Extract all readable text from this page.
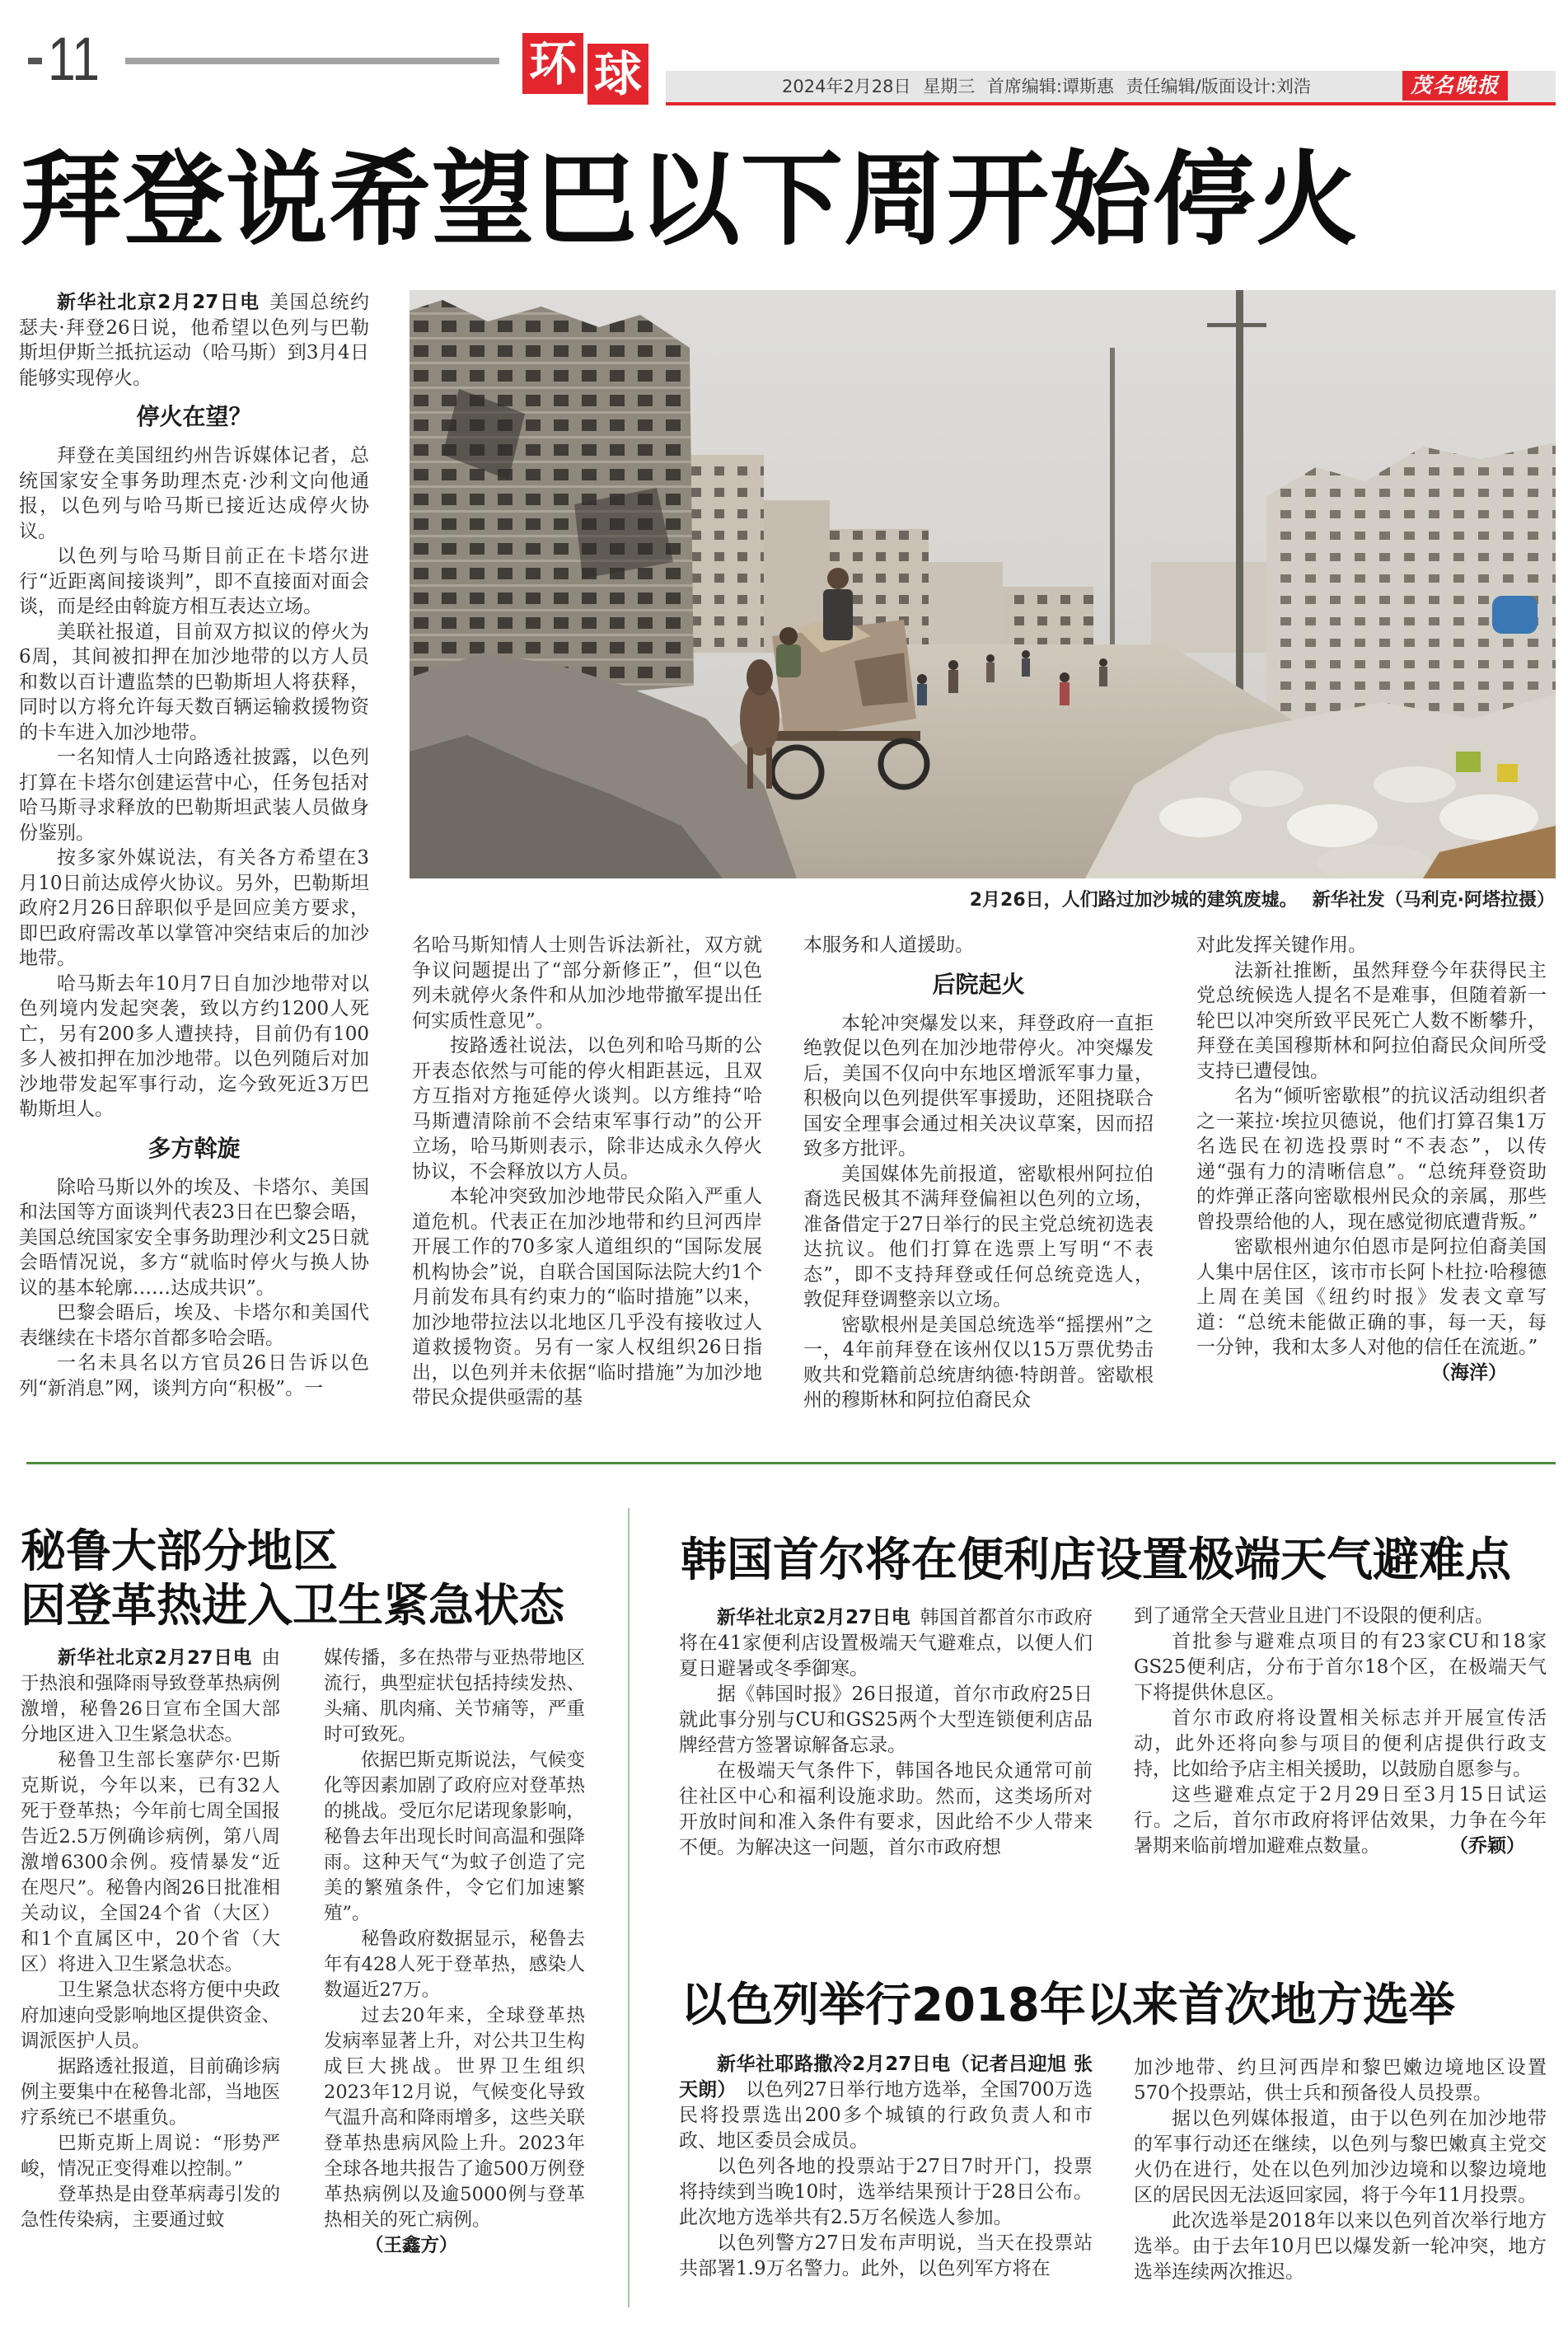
11	环 球	2024年2月28日 星期三 首席编辑:谭斯惠 责任编辑/版面设计:刘浩	茂名晚报
拜登说希望巴以下周开始停火

新华社北京2月27日电 美国总统约瑟夫·拜登26日说，他希望以色列与巴勒斯坦伊斯兰抵抗运动（哈马斯）到3月4日能够实现停火。

停火在望？

拜登在美国纽约州告诉媒体记者，总统国家安全事务助理杰克·沙利文向他通报，以色列与哈马斯已接近达成停火协议。

以色列与哈马斯目前正在卡塔尔进行“近距离间接谈判”，即不直接面对面会谈，而是经由斡旋方相互表达立场。

美联社报道，目前双方拟议的停火为6周，其间被扣押在加沙地带的以方人员和数以百计遭监禁的巴勒斯坦人将获释，同时以方将允许每天数百辆运输救援物资的卡车进入加沙地带。

一名知情人士向路透社披露，以色列打算在卡塔尔创建运营中心，任务包括对哈马斯寻求释放的巴勒斯坦武装人员做身份鉴别。

按多家外媒说法，有关各方希望在3月10日前达成停火协议。另外，巴勒斯坦政府2月26日辞职似乎是回应美方要求，即巴政府需改革以掌管冲突结束后的加沙地带。

哈马斯去年10月7日自加沙地带对以色列境内发起突袭，致以方约1200人死亡，另有200多人遭挟持，目前仍有100多人被扣押在加沙地带。以色列随后对加沙地带发起军事行动，迄今致死近3万巴勒斯坦人。

多方斡旋

除哈马斯以外的埃及、卡塔尔、美国和法国等方面谈判代表23日在巴黎会晤，美国总统国家安全事务助理沙利文25日就会晤情况说，多方“就临时停火与换人协议的基本轮廓……达成共识”。

巴黎会晤后，埃及、卡塔尔和美国代表继续在卡塔尔首都多哈会晤。

一名未具名以方官员26日告诉以色列“新消息”网，谈判方向“积极”。一

2月26日，人们路过加沙城的建筑废墟。 新华社发（马利克·阿塔拉摄）

名哈马斯知情人士则告诉法新社，双方就争议问题提出了“部分新修正”，但“以色列未就停火条件和从加沙地带撤军提出任何实质性意见”。

按路透社说法，以色列和哈马斯的公开表态依然与可能的停火相距甚远，且双方互指对方拖延停火谈判。以方维持“哈马斯遭清除前不会结束军事行动”的公开立场，哈马斯则表示，除非达成永久停火协议，不会释放以方人员。

本轮冲突致加沙地带民众陷入严重人道危机。代表正在加沙地带和约旦河西岸开展工作的70多家人道组织的“国际发展机构协会”说，自联合国国际法院大约1个月前发布具有约束力的“临时措施”以来，加沙地带拉法以北地区几乎没有接收过人道救援物资。另有一家人权组织26日指出，以色列并未依据“临时措施”为加沙地带民众提供亟需的基

本服务和人道援助。

后院起火

本轮冲突爆发以来，拜登政府一直拒绝敦促以色列在加沙地带停火。冲突爆发后，美国不仅向中东地区增派军事力量，积极向以色列提供军事援助，还阻挠联合国安全理事会通过相关决议草案，因而招致多方批评。

美国媒体先前报道，密歇根州阿拉伯裔选民极其不满拜登偏袒以色列的立场，准备借定于27日举行的民主党总统初选表达抗议。他们打算在选票上写明“不表态”，即不支持拜登或任何总统竞选人，敦促拜登调整亲以立场。

密歇根州是美国总统选举“摇摆州”之一，4年前拜登在该州仅以15万票优势击败共和党籍前总统唐纳德·特朗普。密歇根州的穆斯林和阿拉伯裔民众

对此发挥关键作用。

法新社推断，虽然拜登今年获得民主党总统候选人提名不是难事，但随着新一轮巴以冲突所致平民死亡人数不断攀升，拜登在美国穆斯林和阿拉伯裔民众间所受支持已遭侵蚀。

名为“倾听密歇根”的抗议活动组织者之一莱拉·埃拉贝德说，他们打算召集1万名选民在初选投票时“不表态”，以传递“强有力的清晰信息”。“总统拜登资助的炸弹正落向密歇根州民众的亲属，那些曾投票给他的人，现在感觉彻底遭背叛。”

密歇根州迪尔伯恩市是阿拉伯裔美国人集中居住区，该市市长阿卜杜拉·哈穆德上周在美国《纽约时报》发表文章写道：“总统未能做正确的事，每一天，每一分钟，我和太多人对他的信任在流逝。”

（海洋）
秘鲁大部分地区
因登革热进入卫生紧急状态

新华社北京2月27日电 由于热浪和强降雨导致登革热病例激增，秘鲁26日宣布全国大部分地区进入卫生紧急状态。

秘鲁卫生部长塞萨尔·巴斯克斯说，今年以来，已有32人死于登革热；今年前七周全国报告近2.5万例确诊病例，第八周激增6300余例。疫情暴发“近在咫尺”。秘鲁内阁26日批准相关动议，全国24个省（大区）和1个直属区中，20个省（大区）将进入卫生紧急状态。

卫生紧急状态将方便中央政府加速向受影响地区提供资金、调派医护人员。

据路透社报道，目前确诊病例主要集中在秘鲁北部，当地医疗系统已不堪重负。

巴斯克斯上周说：“形势严峻，情况正变得难以控制。”

登革热是由登革病毒引发的急性传染病，主要通过蚊

媒传播，多在热带与亚热带地区流行，典型症状包括持续发热、头痛、肌肉痛、关节痛等，严重时可致死。

依据巴斯克斯说法，气候变化等因素加剧了政府应对登革热的挑战。受厄尔尼诺现象影响，秘鲁去年出现长时间高温和强降雨。这种天气“为蚊子创造了完美的繁殖条件，令它们加速繁殖”。

秘鲁政府数据显示，秘鲁去年有428人死于登革热，感染人数逼近27万。

过去20年来，全球登革热发病率显著上升，对公共卫生构成巨大挑战。世界卫生组织2023年12月说，气候变化导致气温升高和降雨增多，这些关联登革热患病风险上升。2023年全球各地共报告了逾500万例登革热病例以及逾5000例与登革热相关的死亡病例。

（王鑫方）
韩国首尔将在便利店设置极端天气避难点

新华社北京2月27日电 韩国首都首尔市政府将在41家便利店设置极端天气避难点，以便人们夏日避暑或冬季御寒。

据《韩国时报》26日报道，首尔市政府25日就此事分别与CU和GS25两个大型连锁便利店品牌经营方签署谅解备忘录。

在极端天气条件下，韩国各地民众通常可前往社区中心和福利设施求助。然而，这类场所对开放时间和准入条件有要求，因此给不少人带来不便。为解决这一问题，首尔市政府想

到了通常全天营业且进门不设限的便利店。

首批参与避难点项目的有23家CU和18家GS25便利店，分布于首尔18个区，在极端天气下将提供休息区。

首尔市政府将设置相关标志并开展宣传活动，此外还将向参与项目的便利店提供行政支持，比如给予店主相关援助，以鼓励自愿参与。

这些避难点定于2月29日至3月15日试运行。之后，首尔市政府将评估效果，力争在今年暑期来临前增加避难点数量。	（乔颖）

以色列举行2018年以来首次地方选举

新华社耶路撒冷2月27日电（记者吕迎旭 张天朗） 以色列27日举行地方选举，全国700万选民将投票选出200多个城镇的行政负责人和市政、地区委员会成员。

以色列各地的投票站于27日7时开门，投票将持续到当晚10时，选举结果预计于28日公布。此次地方选举共有2.5万名候选人参加。

以色列警方27日发布声明说，当天在投票站共部署1.9万名警力。此外，以色列军方将在

加沙地带、约旦河西岸和黎巴嫩边境地区设置570个投票站，供士兵和预备役人员投票。

据以色列媒体报道，由于以色列在加沙地带的军事行动还在继续，以色列与黎巴嫩真主党交火仍在进行，处在以色列加沙边境和以黎边境地区的居民因无法返回家园，将于今年11月投票。

此次选举是2018年以来以色列首次举行地方选举。由于去年10月巴以爆发新一轮冲突，地方选举连续两次推迟。
